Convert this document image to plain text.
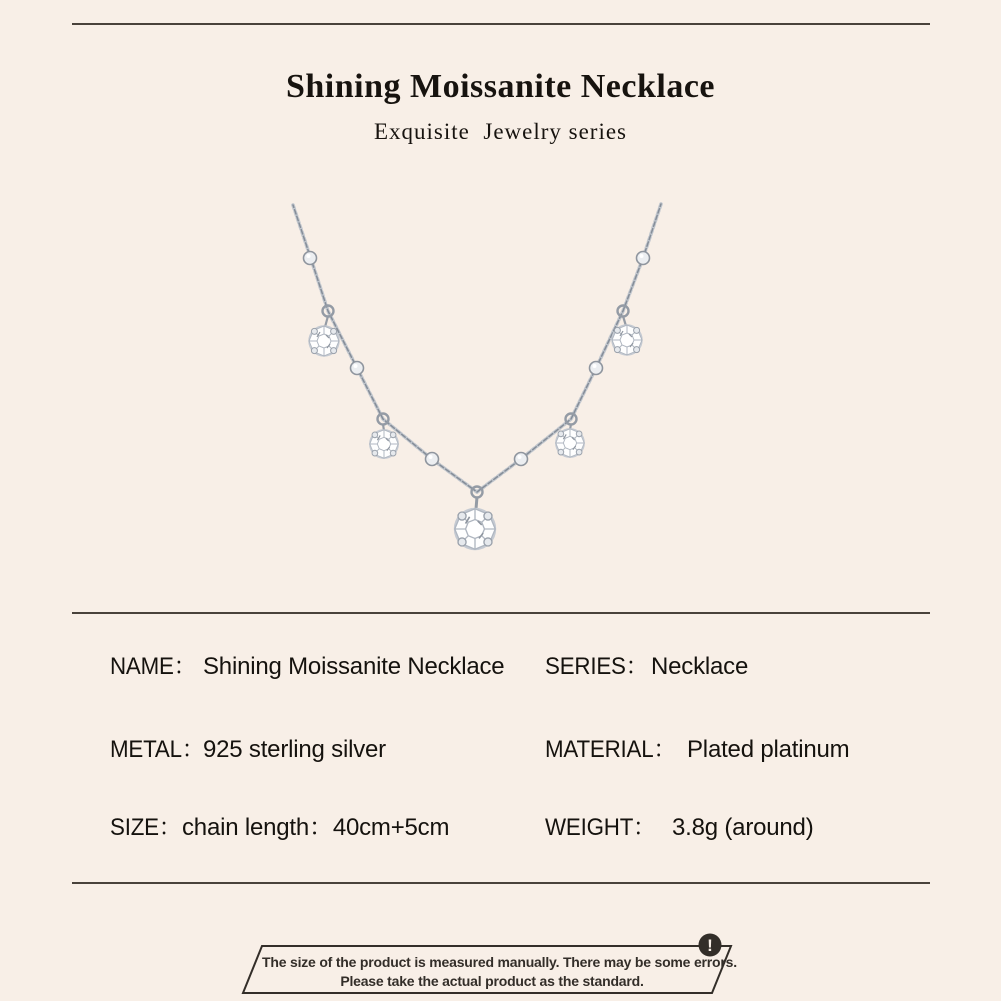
Shining Moissanite Necklace
Exquisite  Jewelry series
NAME： Shining Moissanite Necklace SERIES： Necklace
METAL： 925 sterling silver	MATERIAL： Plated platinum
SIZE： chain length：40cm+5cm	WEIGHT： 3.8g (around)
!
The size of the product is measured manually. There may be some errors.
Please take the actual product as the standard.
